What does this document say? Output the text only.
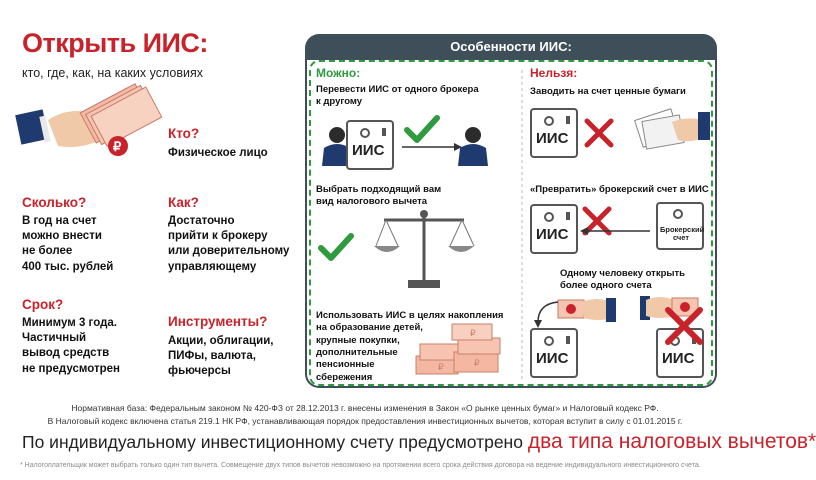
Открыть ИИС:
кто, где, как, на каких условиях
₽
Кто?
Физическое лицо
Сколько?
В год на счет
можно внести
не более
400 тыс. рублей
Как?
Достаточно
прийти к брокеру
или доверительному
управляющему
Срок?
Минимум 3 года.
Частичный
вывод средств
не предусмотрен
Инструменты?
Акции, облигации,
ПИФы, валюта,
фьючерсы
Особенности ИИС:
Можно:	Нельзя:
Перевести ИИС от одного брокера
к другому
ИИС
Выбрать подходящий вам
вид налогового вычета
Использовать ИИС в целях накопления
на образование детей,
крупные покупки,
дополнительные
пенсионные
сбережения
₽	₽
₽
Заводить на счет ценные бумаги
ИИС
«Превратить» брокерский счет в ИИС
ИИС	Брокерский
счет
Одному человеку открыть
более одного счета
ИИС	ИИС
Нормативная база: Федеральным законом № 420-ФЗ от 28.12.2013 г. внесены изменения в Закон «О рынке ценных бумаг» и Налоговый кодекс РФ.
В Налоговый кодекс включена статья 219.1 НК РФ, устанавливающая порядок предоставления инвестиционных вычетов, которая вступит в силу с 01.01.2015 г.
По индивидуальному инвестиционному счету предусмотрено два типа налоговых вычетов*
* Налогоплательщик может выбрать только один тип вычета. Совмещение двух типов вычетов невозможно на протяжении всего срока действия договора на ведение индивидуального инвестиционного счета.
